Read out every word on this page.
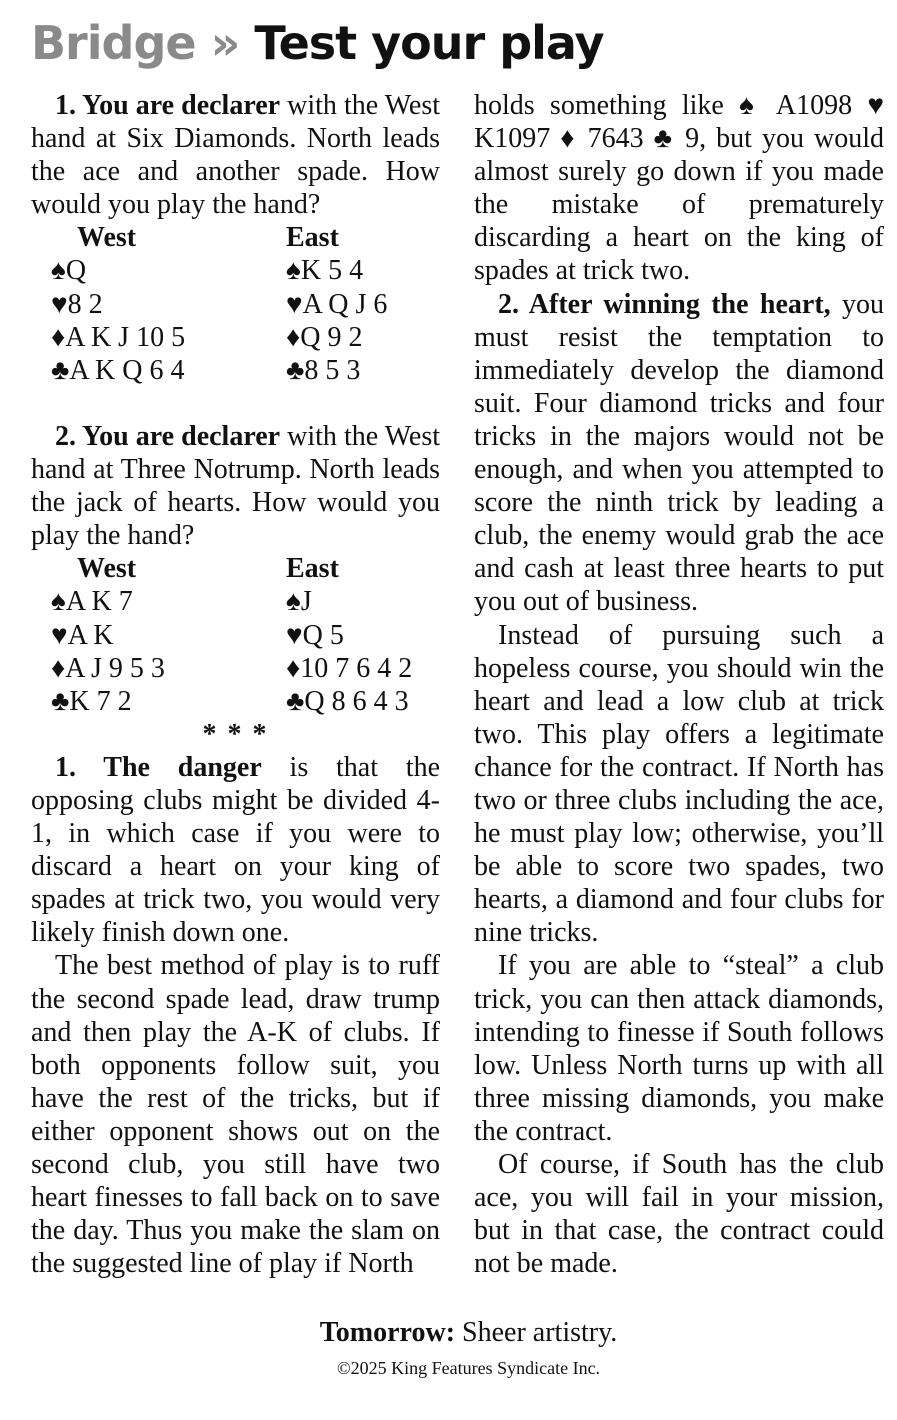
Bridge » Test your play

1. You are declarer with the West hand at Six Diamonds. North leads the ace and another spade. How would you play the hand?

West	East
♠Q	♠K 5 4
♥8 2	♥A Q J 6
♦A K J 10 5	♦Q 9 2
♣A K Q 6 4	♣8 5 3

2. You are declarer with the West hand at Three Notrump. North leads the jack of hearts. How would you play the hand?

West	East
♠A K 7	♠J
♥A K	♥Q 5
♦A J 9 5 3	♦10 7 6 4 2
♣K 7 2	♣Q 8 6 4 3
* * *

1. The danger is that the opposing clubs might be divided 4-1, in which case if you were to discard a heart on your king of spades at trick two, you would very likely finish down one.

The best method of play is to ruff the second spade lead, draw trump and then play the A-K of clubs. If both opponents follow suit, you have the rest of the tricks, but if either opponent shows out on the second club, you still have two heart finesses to fall back on to save the day. Thus you make the slam on the suggested line of play if North

holds something like ♠ A1098 ♥ K1097 ♦ 7643 ♣ 9, but you would almost surely go down if you made the mistake of prematurely discarding a heart on the king of spades at trick two.

2. After winning the heart, you must resist the temptation to immediately develop the diamond suit. Four diamond tricks and four tricks in the majors would not be enough, and when you attempted to score the ninth trick by leading a club, the enemy would grab the ace and cash at least three hearts to put you out of business.

Instead of pursuing such a hopeless course, you should win the heart and lead a low club at trick two. This play offers a legitimate chance for the contract. If North has two or three clubs including the ace, he must play low; otherwise, you’ll be able to score two spades, two hearts, a diamond and four clubs for nine tricks.

If you are able to “steal” a club trick, you can then attack diamonds, intending to finesse if South follows low. Unless North turns up with all three missing diamonds, you make the contract.

Of course, if South has the club ace, you will fail in your mission, but in that case, the contract could not be made.

Tomorrow: Sheer artistry.
©2025 King Features Syndicate Inc.
